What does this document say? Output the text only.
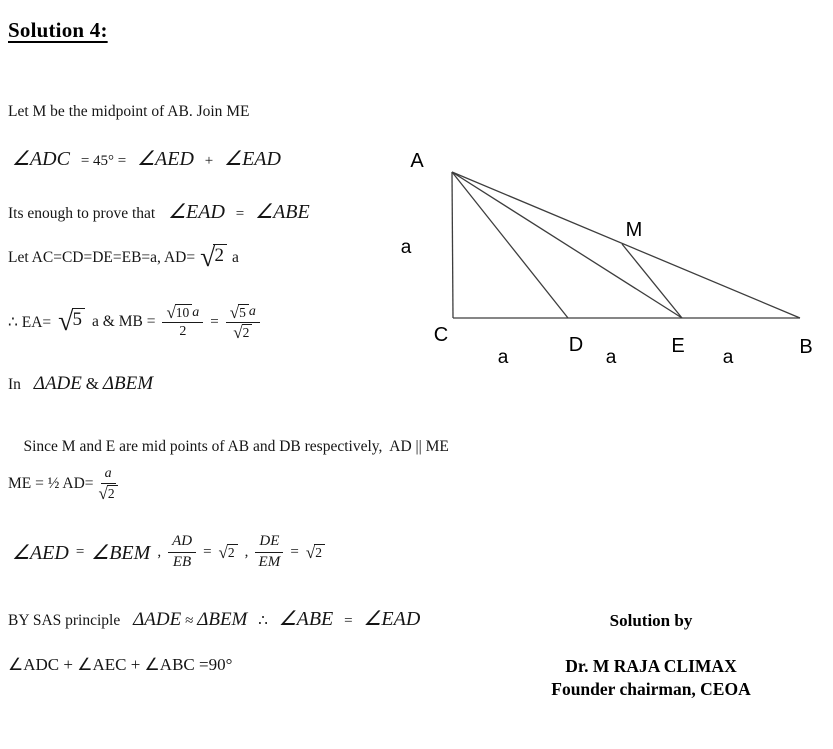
Solution 4:
Let M be the midpoint of AB. Join ME
∠ADC = 45° = ∠AED + ∠EAD
Its enough to prove that ∠EAD = ∠ABE
Let AC=CD=DE=EB=a, AD= √ 2 a
∴ EA= √ 5 a & MB = $\frac{√ 10 a}{2} = \frac{√ 5 a}{√ 2}$
In ΔADE & ΔBEM

Since M and E are mid points of AB and DB respectively,  AD || ME

ME = ½ $AD= \frac{a}{√ 2}$
∠AED = ∠BEM , $\frac{AD}{EB}$ = √ 2 , $\frac{DE}{EM}$ = √ 2
BY SAS principle ΔADE ≈ ΔBEM ∴ ∠ABE = ∠EAD
∠ADC + ∠AEC + ∠ABC =90°
Solution by
Dr. M RAJA CLIMAX
Founder chairman, CEOA
A
M
C	D	E	B
a
a	a	a
